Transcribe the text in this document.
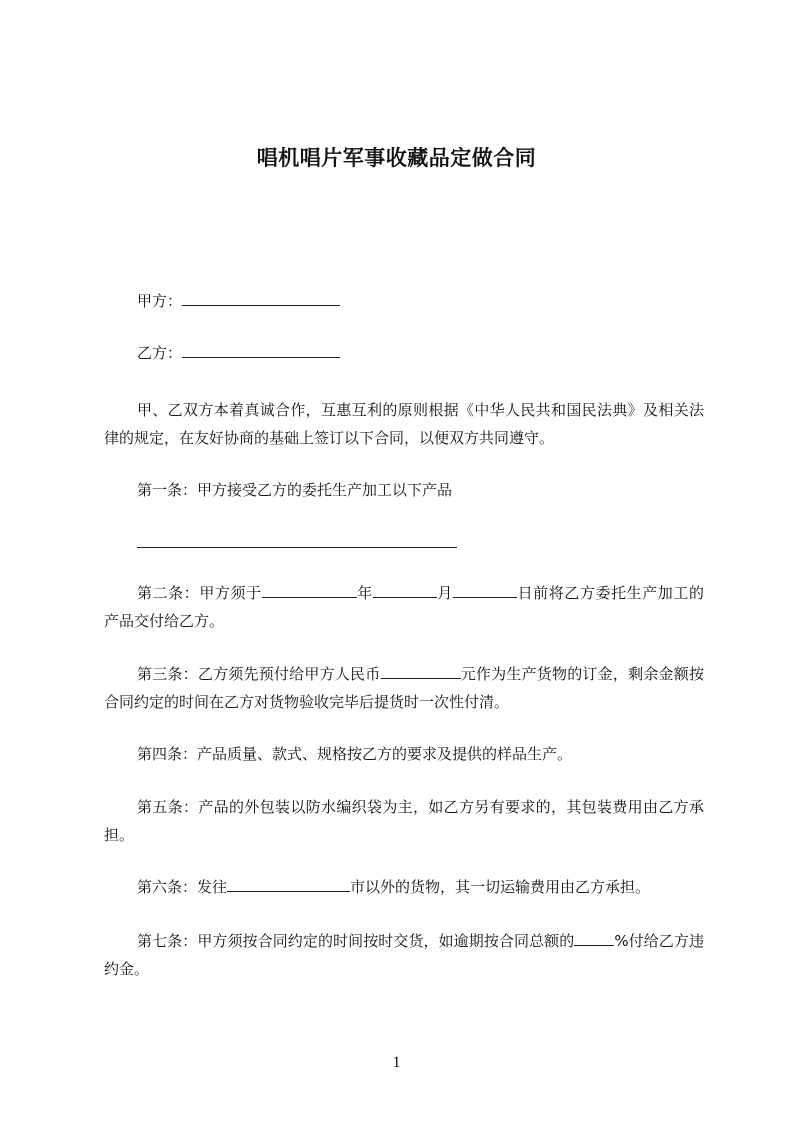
唱机唱片军事收藏品定做合同
甲方：
乙方：
甲、乙双方本着真诚合作，互惠互利的原则根据《中华人民共和国民法典》及相关法律的规定，在友好协商的基础上签订以下合同，以便双方共同遵守。
第一条：甲方接受乙方的委托生产加工以下产品
第二条：甲方须于	年	月	日前将乙方委托生产加工的产品交付给乙方。
第三条：乙方须先预付给甲方人民币	元作为生产货物的订金，剩余金额按合同约定的时间在乙方对货物验收完毕后提货时一次性付清。
第四条：产品质量、款式、规格按乙方的要求及提供的样品生产。
第五条：产品的外包装以防水编织袋为主，如乙方另有要求的，其包装费用由乙方承担。
第六条：发往	市以外的货物，其一切运输费用由乙方承担。
第七条：甲方须按合同约定的时间按时交货，如逾期按合同总额的	%付给乙方违约金。
1
